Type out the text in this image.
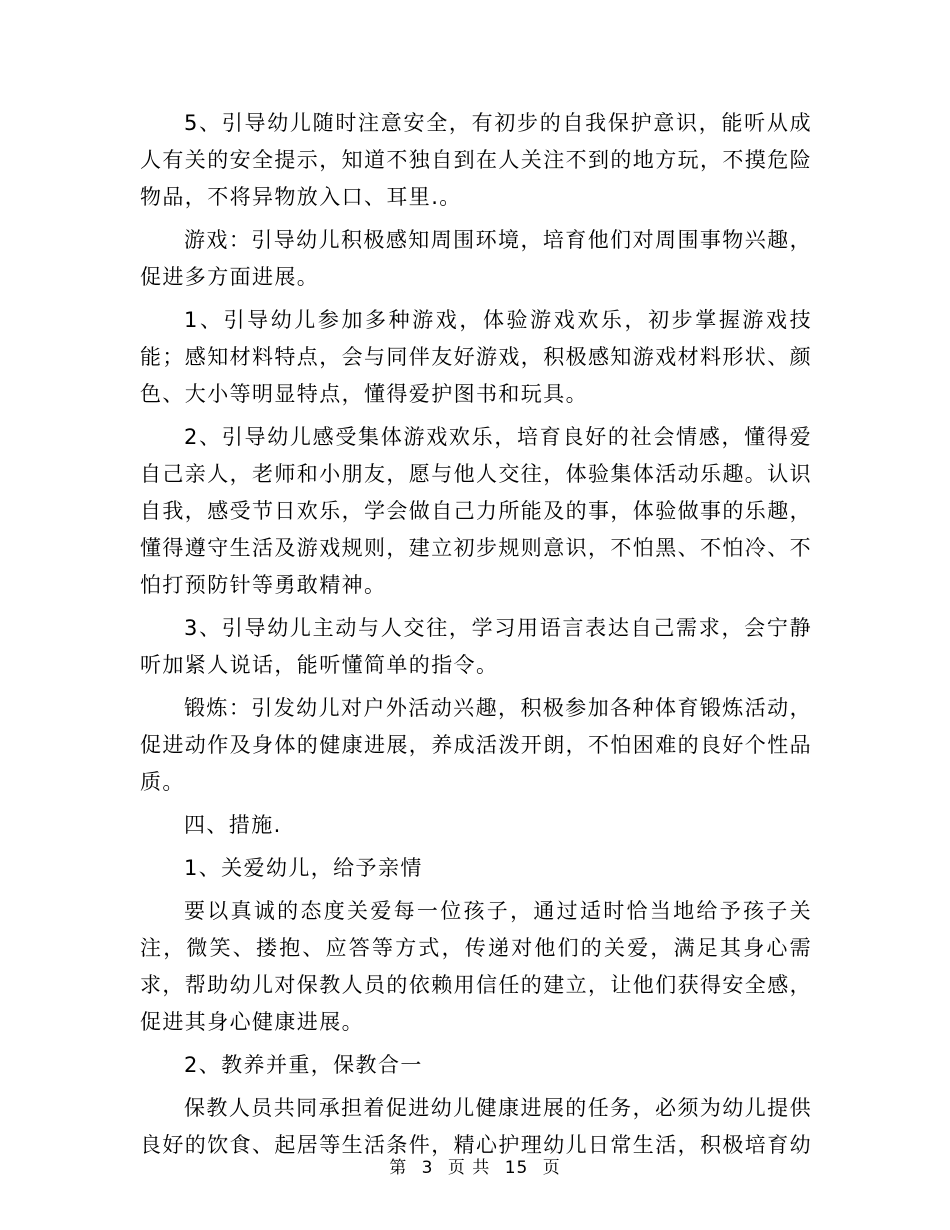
5、引导幼儿随时注意安全，有初步的自我保护意识，能听从成人有关的安全提示，知道不独自到在人关注不到的地方玩，不摸危险物品，不将异物放入口、耳里.。

游戏：引导幼儿积极感知周围环境，培育他们对周围事物兴趣，促进多方面进展。

1、引导幼儿参加多种游戏，体验游戏欢乐，初步掌握游戏技能；感知材料特点，会与同伴友好游戏，积极感知游戏材料形状、颜色、大小等明显特点，懂得爱护图书和玩具。

2、引导幼儿感受集体游戏欢乐，培育良好的社会情感，懂得爱自己亲人，老师和小朋友，愿与他人交往，体验集体活动乐趣。认识自我，感受节日欢乐，学会做自己力所能及的事，体验做事的乐趣，懂得遵守生活及游戏规则，建立初步规则意识，不怕黑、不怕冷、不怕打预防针等勇敢精神。

3、引导幼儿主动与人交往，学习用语言表达自己需求，会宁静听加紧人说话，能听懂简单的指令。

锻炼：引发幼儿对户外活动兴趣，积极参加各种体育锻炼活动，促进动作及身体的健康进展，养成活泼开朗，不怕困难的良好个性品质。

四、措施.

1、关爱幼儿，给予亲情

要以真诚的态度关爱每一位孩子，通过适时恰当地给予孩子关注，微笑、搂抱、应答等方式，传递对他们的关爱，满足其身心需求，帮助幼儿对保教人员的依赖用信任的建立，让他们获得安全感，促进其身心健康进展。

2、教养并重，保教合一

保教人员共同承担着促进幼儿健康进展的任务，必须为幼儿提供良好的饮食、起居等生活条件，精心护理幼儿日常生活，积极培育幼

第 3 页 共 15 页
